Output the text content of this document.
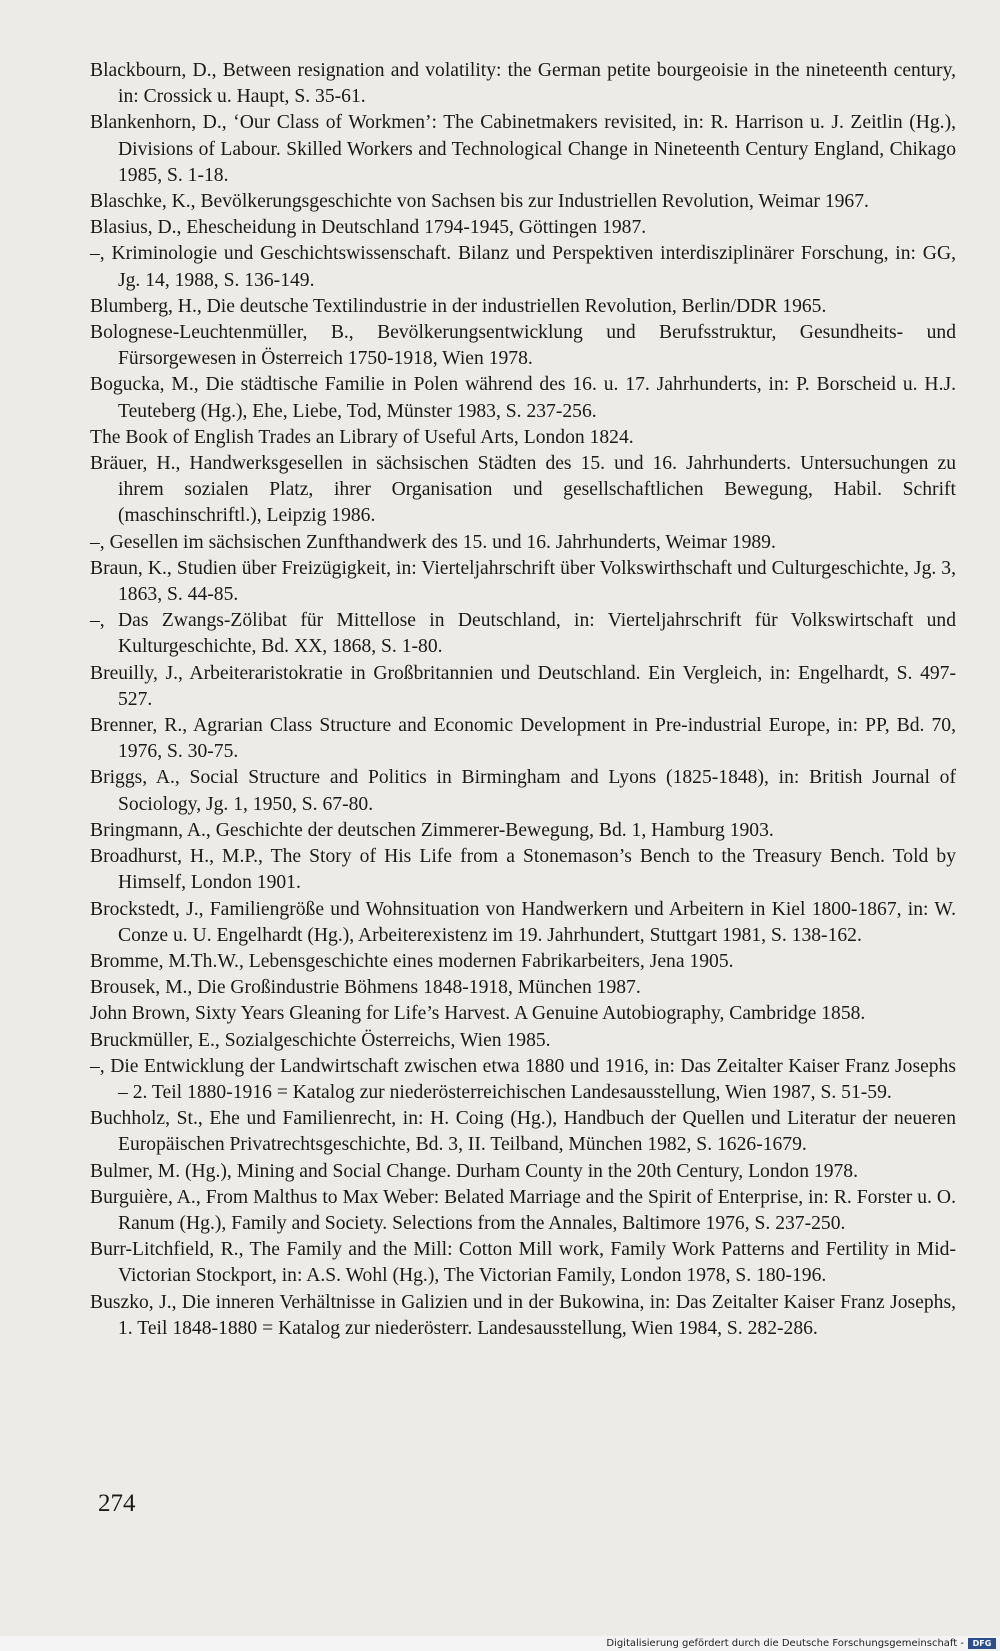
Blackbourn, D., Between resignation and volatility: the German petite bourgeoisie in the nineteenth century, in: Crossick u. Haupt, S. 35-61.

Blankenhorn, D., ‘Our Class of Workmen’: The Cabinetmakers revisited, in: R. Harrison u. J. Zeitlin (Hg.), Divisions of Labour. Skilled Workers and Technological Change in Nineteenth Century England, Chikago 1985, S. 1-18.

Blaschke, K., Bevölkerungsgeschichte von Sachsen bis zur Industriellen Revolution, Weimar 1967.

Blasius, D., Ehescheidung in Deutschland 1794-1945, Göttingen 1987.

–, Kriminologie und Geschichtswissenschaft. Bilanz und Perspektiven interdisziplinärer Forschung, in: GG, Jg. 14, 1988, S. 136-149.

Blumberg, H., Die deutsche Textilindustrie in der industriellen Revolution, Berlin/DDR 1965.

Bolognese-Leuchtenmüller, B., Bevölkerungsentwicklung und Berufsstruktur, Gesundheits- und Fürsorgewesen in Österreich 1750-1918, Wien 1978.

Bogucka, M., Die städtische Familie in Polen während des 16. u. 17. Jahrhunderts, in: P. Borscheid u. H.J. Teuteberg (Hg.), Ehe, Liebe, Tod, Münster 1983, S. 237-256.

The Book of English Trades an Library of Useful Arts, London 1824.

Bräuer, H., Handwerksgesellen in sächsischen Städten des 15. und 16. Jahrhunderts. Untersuchungen zu ihrem sozialen Platz, ihrer Organisation und gesellschaftlichen Bewegung, Habil. Schrift (maschinschriftl.), Leipzig 1986.

–, Gesellen im sächsischen Zunfthandwerk des 15. und 16. Jahrhunderts, Weimar 1989.

Braun, K., Studien über Freizügigkeit, in: Vierteljahrschrift über Volkswirthschaft und Culturgeschichte, Jg. 3, 1863, S. 44-85.

–, Das Zwangs-Zölibat für Mittellose in Deutschland, in: Vierteljahrschrift für Volkswirtschaft und Kulturgeschichte, Bd. XX, 1868, S. 1-80.

Breuilly, J., Arbeiteraristokratie in Großbritannien und Deutschland. Ein Vergleich, in: Engelhardt, S. 497-527.

Brenner, R., Agrarian Class Structure and Economic Development in Pre-industrial Europe, in: PP, Bd. 70, 1976, S. 30-75.

Briggs, A., Social Structure and Politics in Birmingham and Lyons (1825-1848), in: British Journal of Sociology, Jg. 1, 1950, S. 67-80.

Bringmann, A., Geschichte der deutschen Zimmerer-Bewegung, Bd. 1, Hamburg 1903.

Broadhurst, H., M.P., The Story of His Life from a Stonemason’s Bench to the Treasury Bench. Told by Himself, London 1901.

Brockstedt, J., Familiengröße und Wohnsituation von Handwerkern und Arbeitern in Kiel 1800-1867, in: W. Conze u. U. Engelhardt (Hg.), Arbeiterexistenz im 19. Jahrhundert, Stuttgart 1981, S. 138-162.

Bromme, M.Th.W., Lebensgeschichte eines modernen Fabrikarbeiters, Jena 1905.

Brousek, M., Die Großindustrie Böhmens 1848-1918, München 1987.

John Brown, Sixty Years Gleaning for Life’s Harvest. A Genuine Autobiography, Cambridge 1858.

Bruckmüller, E., Sozialgeschichte Österreichs, Wien 1985.

–, Die Entwicklung der Landwirtschaft zwischen etwa 1880 und 1916, in: Das Zeitalter Kaiser Franz Josephs – 2. Teil 1880-1916 = Katalog zur niederösterreichischen Landesausstellung, Wien 1987, S. 51-59.

Buchholz, St., Ehe und Familienrecht, in: H. Coing (Hg.), Handbuch der Quellen und Literatur der neueren Europäischen Privatrechtsgeschichte, Bd. 3, II. Teilband, München 1982, S. 1626-1679.

Bulmer, M. (Hg.), Mining and Social Change. Durham County in the 20th Century, London 1978.

Burguière, A., From Malthus to Max Weber: Belated Marriage and the Spirit of Enterprise, in: R. Forster u. O. Ranum (Hg.), Family and Society. Selections from the Annales, Baltimore 1976, S. 237-250.

Burr-Litchfield, R., The Family and the Mill: Cotton Mill work, Family Work Patterns and Fertility in Mid-Victorian Stockport, in: A.S. Wohl (Hg.), The Victorian Family, London 1978, S. 180-196.

Buszko, J., Die inneren Verhältnisse in Galizien und in der Bukowina, in: Das Zeitalter Kaiser Franz Josephs, 1. Teil 1848-1880 = Katalog zur niederösterr. Landesausstellung, Wien 1984, S. 282-286.

274
Digitalisierung gefördert durch die Deutsche Forschungsgemeinschaft -	DFG
